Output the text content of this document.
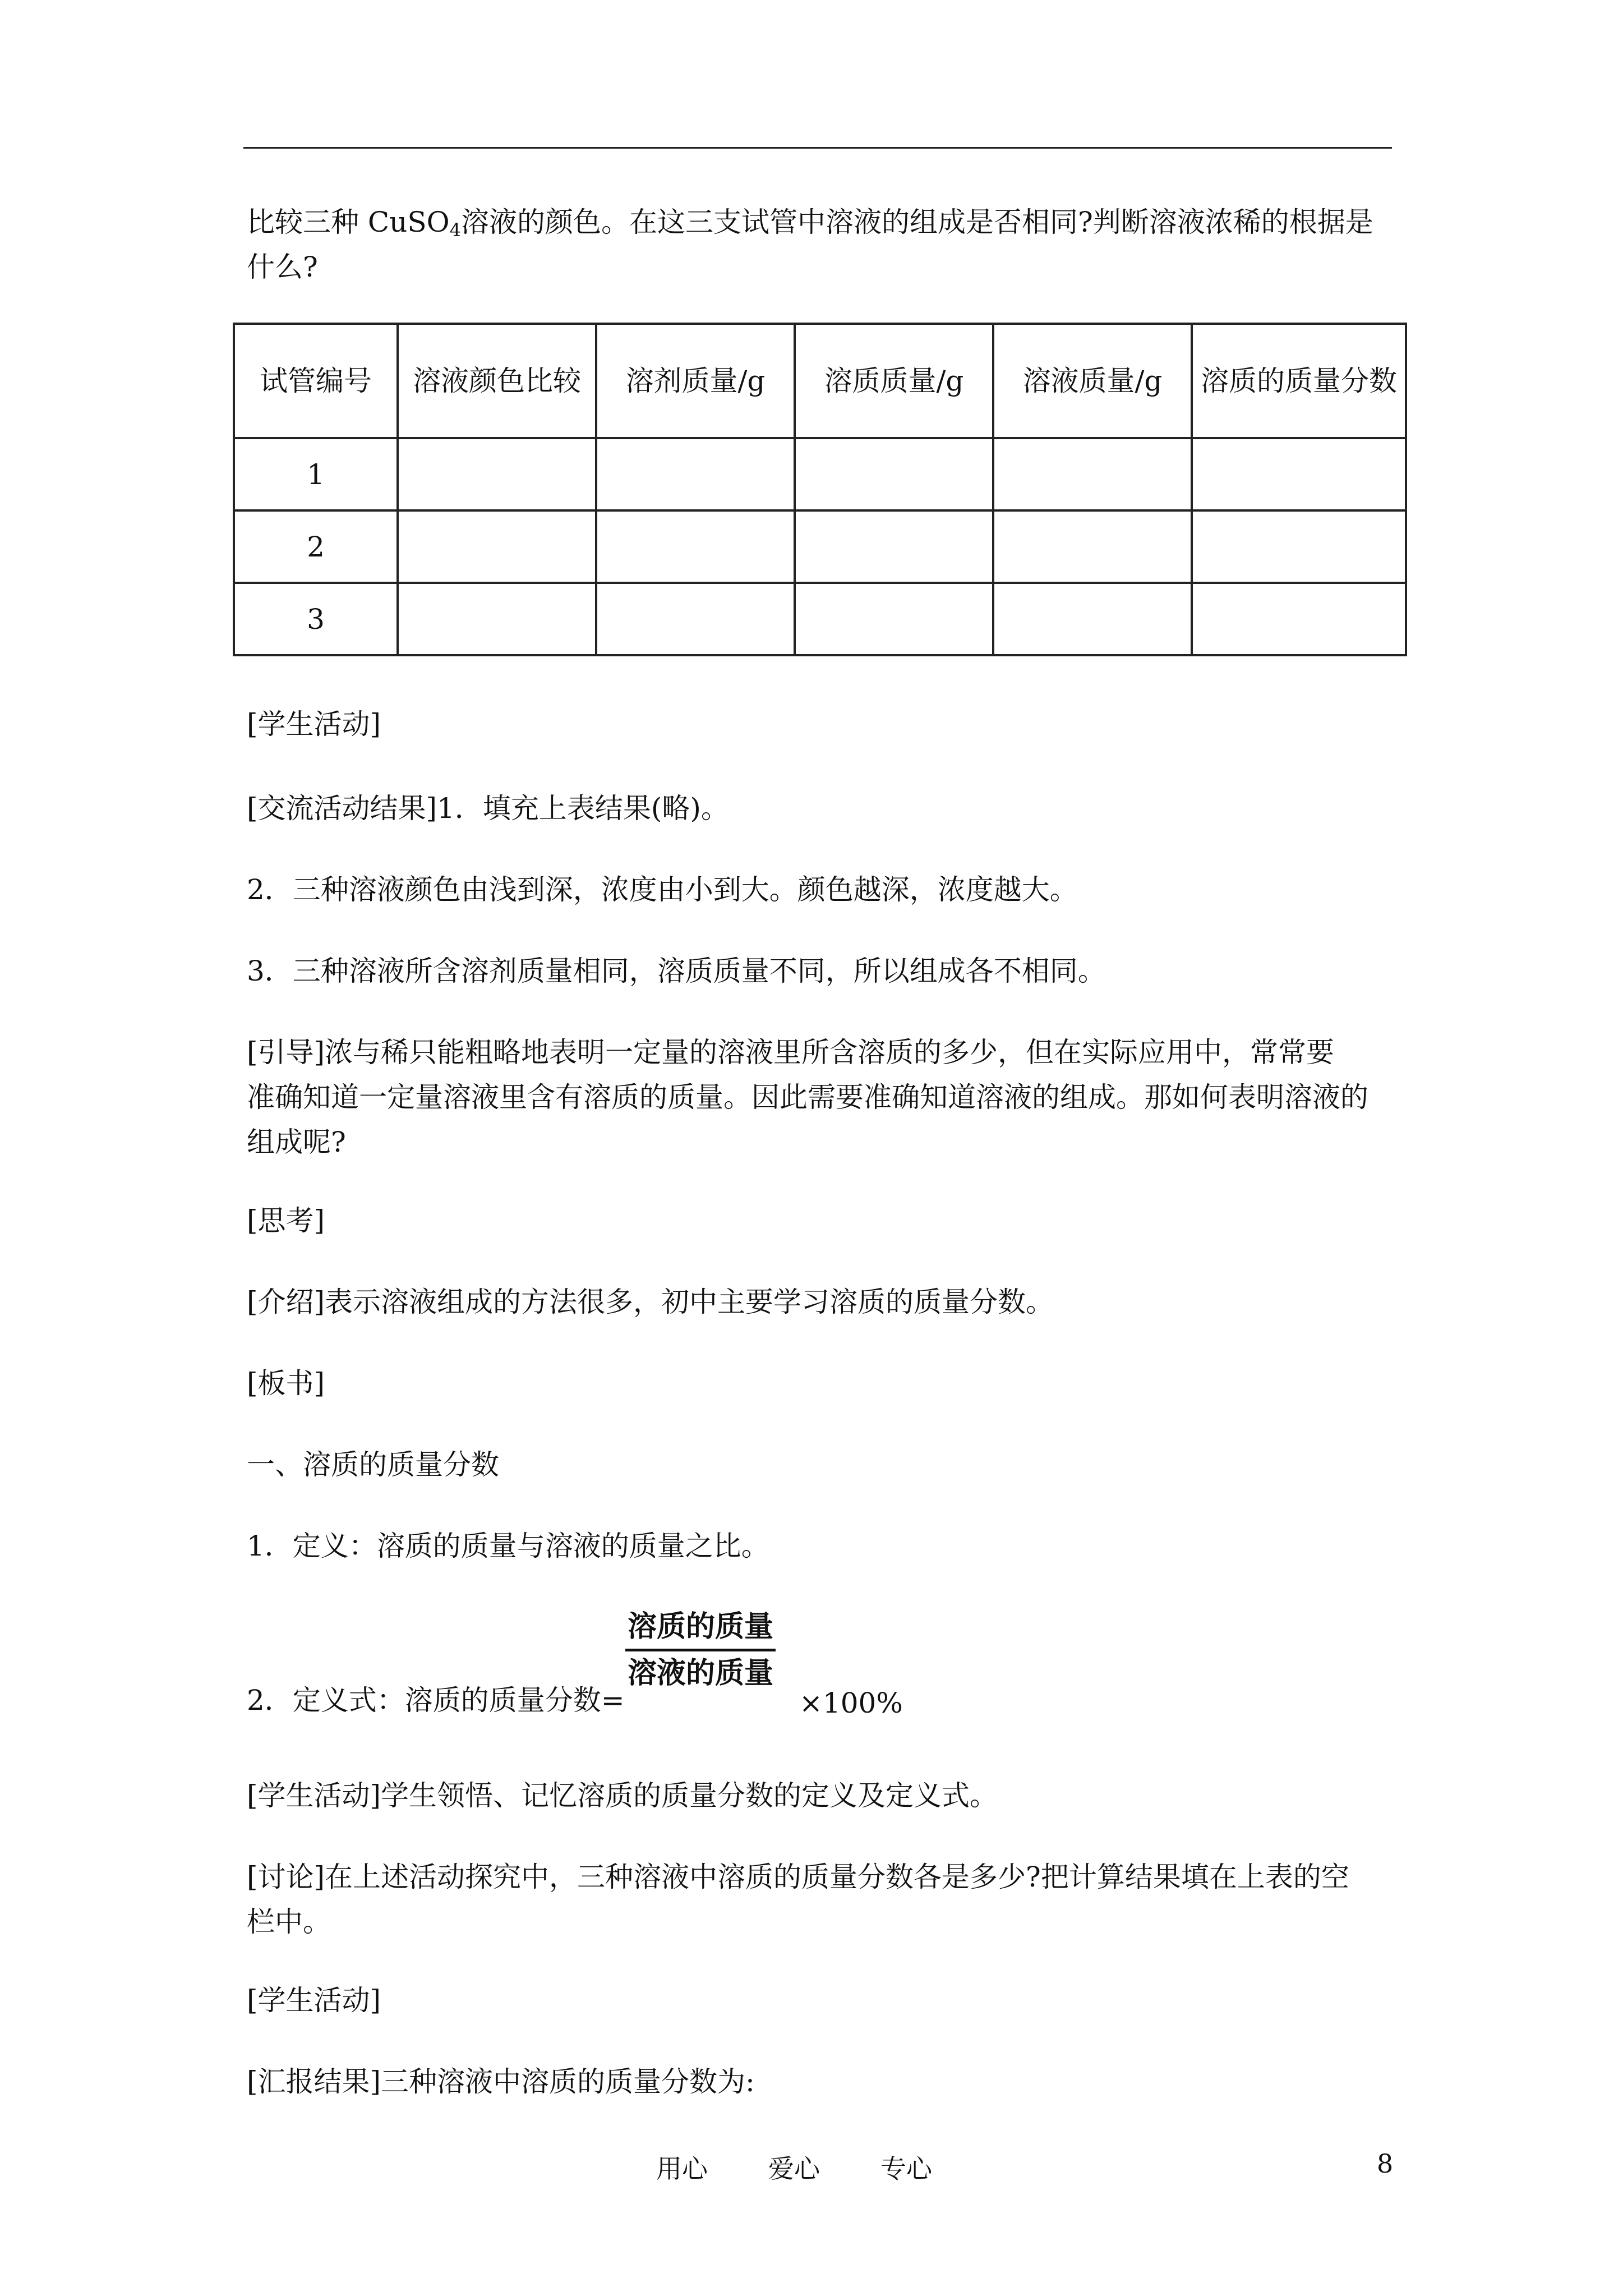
比较三种 CuSO$_4$溶液的颜色。在这三支试管中溶液的组成是否相同?判断溶液浓稀的根据是

什么?

试管编号	溶液颜色比较	溶剂质量/g	溶质质量/g	溶液质量/g	溶质的质量分数
1					
2					
3					

[学生活动]

[交流活动结果]1．填充上表结果(略)。

2．三种溶液颜色由浅到深，浓度由小到大。颜色越深，浓度越大。

3．三种溶液所含溶剂质量相同，溶质质量不同，所以组成各不相同。

[引导]浓与稀只能粗略地表明一定量的溶液里所含溶质的多少，但在实际应用中，常常要

准确知道一定量溶液里含有溶质的质量。因此需要准确知道溶液的组成。那如何表明溶液的

组成呢?

[思考]

[介绍]表示溶液组成的方法很多，初中主要学习溶质的质量分数。

[板书]

一、溶质的质量分数

1．定义：溶质的质量与溶液的质量之比。

2．定义式：溶质的质量分数=

溶质的质量
溶液的质量

×100%

[学生活动]学生领悟、记忆溶质的质量分数的定义及定义式。

[讨论]在上述活动探究中，三种溶液中溶质的质量分数各是多少?把计算结果填在上表的空

栏中。

[学生活动]

[汇报结果]三种溶液中溶质的质量分数为:

用心 爱心 专心	8
